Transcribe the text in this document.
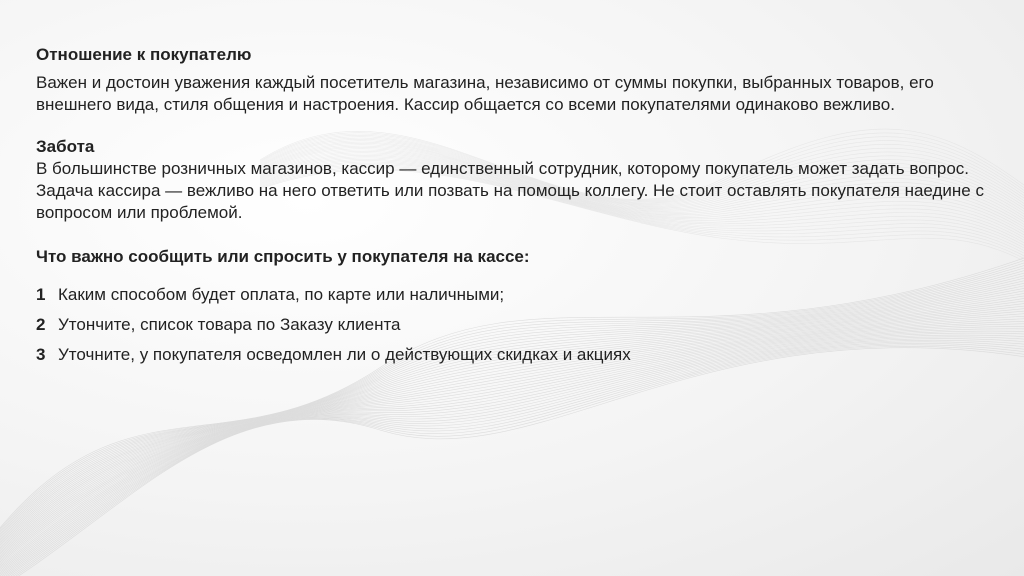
Отношение к покупателю

Важен и достоин уважения каждый посетитель магазина, независимо от суммы покупки, выбранных товаров, его внешнего вида, стиля общения и настроения. Кассир общается со всеми покупателями одинаково вежливо.

Забота

В большинстве розничных магазинов, кассир — единственный сотрудник, которому покупатель может задать вопрос. Задача кассира — вежливо на него ответить или позвать на помощь коллегу. Не стоит оставлять покупателя наедине с вопросом или проблемой.

Что важно сообщить или спросить у покупателя на кассе:

1 Каким способом будет оплата, по карте или наличными;
2 Утончите, список товара по Заказу клиента
3 Уточните, у покупателя осведомлен ли о действующих скидках и акциях
